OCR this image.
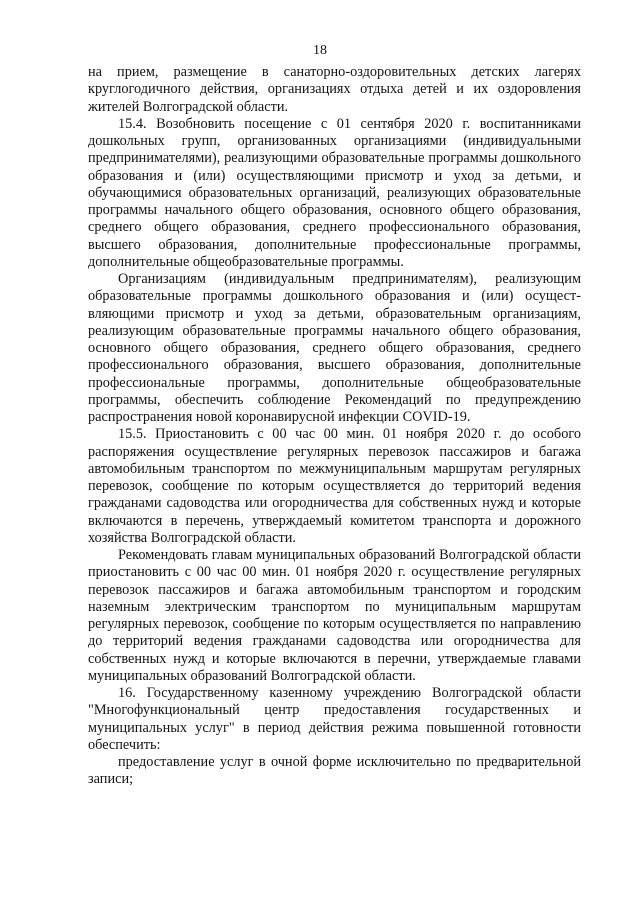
18

на прием, размещение в санаторно-оздоровительных детских лагерях круглогодичного действия, организациях отдыха детей и их оздоровления жителей Волгоградской области.

15.4. Возобновить посещение с 01 сентября 2020 г. воспитанниками дошкольных групп, организованных организациями (индивидуальными предпринимателями), реализующими образовательные программы дошкольного образования и (или) осуществляющими присмотр и уход за детьми, и обучающимися образовательных организаций, реализующих образовательные программы начального общего образования, основного общего образования, среднего общего образования, среднего профессионального образования, высшего образования, дополнительные профессиональные программы, дополнительные общеобразовательные программы.

Организациям (индивидуальным предпринимателям), реализующим образовательные программы дошкольного образования и (или) осуществляющими присмотр и уход за детьми, образовательным организациям, реализующим образовательные программы начального общего образования, основного общего образования, среднего общего образования, среднего профессионального образования, высшего образования, дополнительные профессиональные программы, дополнительные общеобразовательные программы, обеспечить соблюдение Рекомендаций по предупреждению распространения новой коронавирусной инфекции COVID-19.

15.5. Приостановить с 00 час 00 мин. 01 ноября 2020 г. до особого распоряжения осуществление регулярных перевозок пассажиров и багажа автомобильным транспортом по межмуниципальным маршрутам регулярных перевозок, сообщение по которым осуществляется до территорий ведения гражданами садоводства или огородничества для собственных нужд и которые включаются в перечень, утверждаемый комитетом транспорта и дорожного хозяйства Волгоградской области.

Рекомендовать главам муниципальных образований Волгоградской области приостановить с 00 час 00 мин. 01 ноября 2020 г. осуществление регулярных перевозок пассажиров и багажа автомобильным транспортом и городским наземным электрическим транспортом по муниципальным маршрутам регулярных перевозок, сообщение по которым осуществляется по направлению до территорий ведения гражданами садоводства или огородничества для собственных нужд и которые включаются в перечни, утверждаемые главами муниципальных образований Волгоградской области.

16. Государственному казенному учреждению Волгоградской области "Многофункциональный центр предоставления государственных и муниципальных услуг" в период действия режима повышенной готовности обеспечить:

предоставление услуг в очной форме исключительно по предварительной записи;
